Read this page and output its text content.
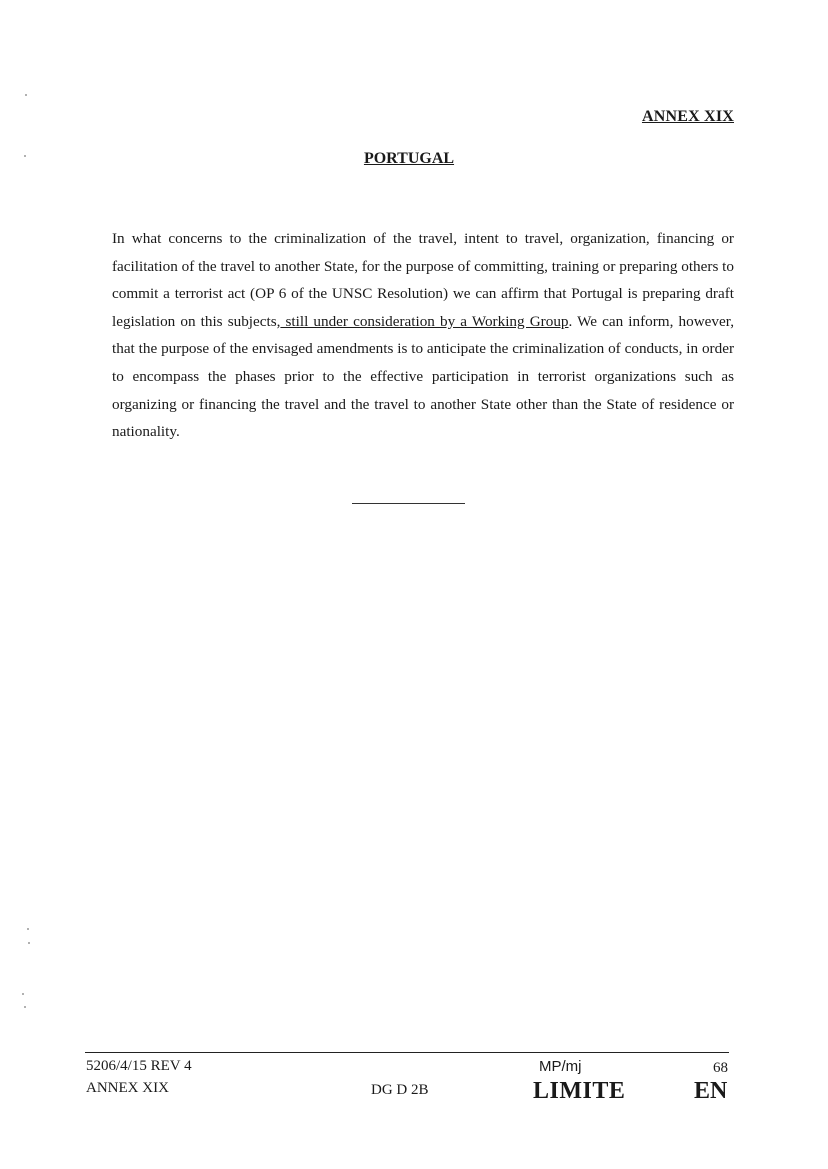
ANNEX XIX
PORTUGAL
In what concerns to the criminalization of the travel, intent to travel, organization, financing or facilitation of the travel to another State, for the purpose of committing, training or preparing others to commit a terrorist act (OP 6 of the UNSC Resolution) we can affirm that Portugal is preparing draft legislation on this subjects, still under consideration by a Working Group. We can inform, however, that the purpose of the envisaged amendments is to anticipate the criminalization of conducts, in order to encompass the phases prior to the effective participation in terrorist organizations such as organizing or financing the travel and the travel to another State other than the State of residence or nationality.
5206/4/15 REV 4
ANNEX XIX	DG D 2B
MP/mj	68
LIMITE	EN
